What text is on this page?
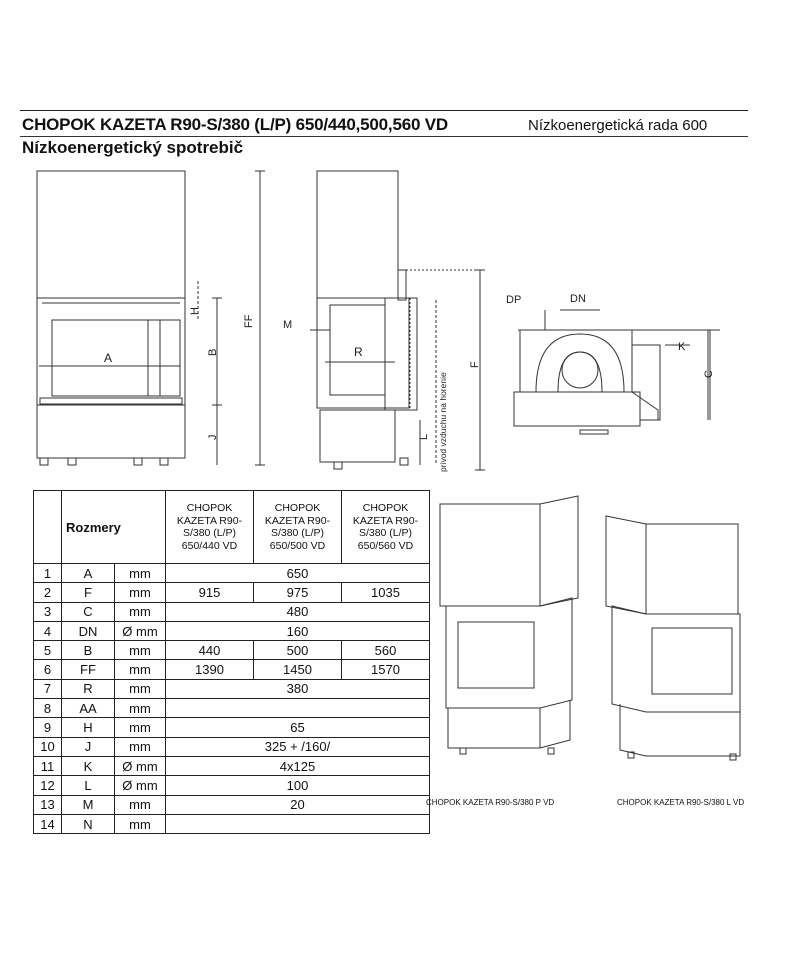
CHOPOK KAZETA R90-S/380 (L/P) 650/440,500,560 VD	Nízkoenergetická rada 600
Nízkoenergetický spotrebič
H
B
A
FF
J
M
R
L
F
privod vzduchu na horenie
DP	DN
K
C
	Rozmery		CHOPOK
KAZETA R90-
S/380 (L/P)
650/440 VD	CHOPOK
KAZETA R90-
S/380 (L/P)
650/500 VD	CHOPOK
KAZETA R90-
S/380 (L/P)
650/560 VD
1	A	mm	650		
2	F	mm	915	975	1035
3	C	mm	480		
4	DN	Ø mm	160		
5	B	mm	440	500	560
6	FF	mm	1390	1450	1570
7	R	mm	380		
8	AA	mm			
9	H	mm	65		
10	J	mm	325 + /160/		
11	K	Ø mm	4x125		
12	L	Ø mm	100		
13	M	mm	20		
14	N	mm			
CHOPOK KAZETA R90-S/380 P VD	CHOPOK KAZETA R90-S/380 L VD
